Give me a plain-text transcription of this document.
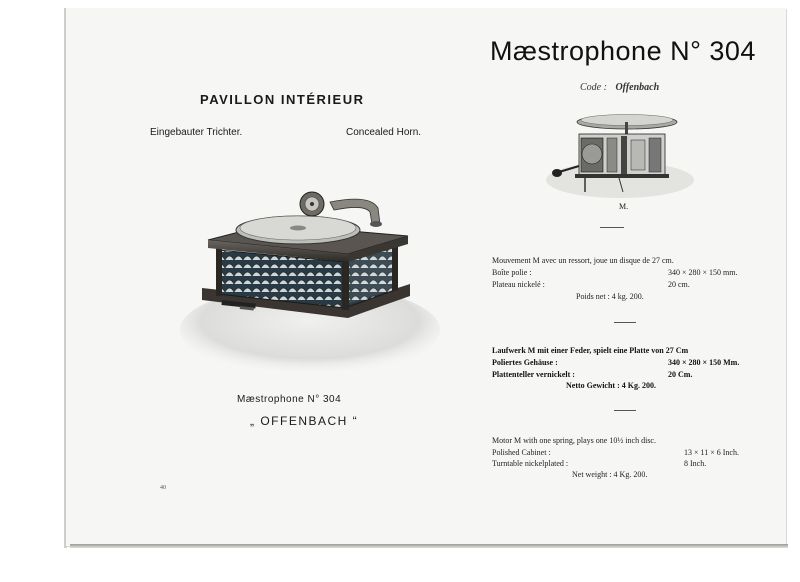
Mæstrophone N° 304
Code : Offenbach
PAVILLON INTÉRIEUR
Eingebauter Trichter.	Concealed Horn.
Mæstrophone N° 304
„ OFFENBACH “
40
M.
Mouvement M avec un ressort, joue un disque de 27 cm.
Boîte polie :	340 × 280 × 150 mm.
Plateau nickelé :	20 cm.
Poids net : 4 kg. 200.
Laufwerk M mit einer Feder, spielt eine Platte von 27 Cm
Poliertes Gehäuse :	340 × 280 × 150 Mm.
Plattenteller vernickelt :	20 Cm.
Netto Gewicht : 4 Kg. 200.
Motor M with one spring, plays one 10½ inch disc.
Polished Cabinet :	13 × 11 × 6 Inch.
Turntable nickelplated :	8 Inch.
Net weight : 4 Kg. 200.
